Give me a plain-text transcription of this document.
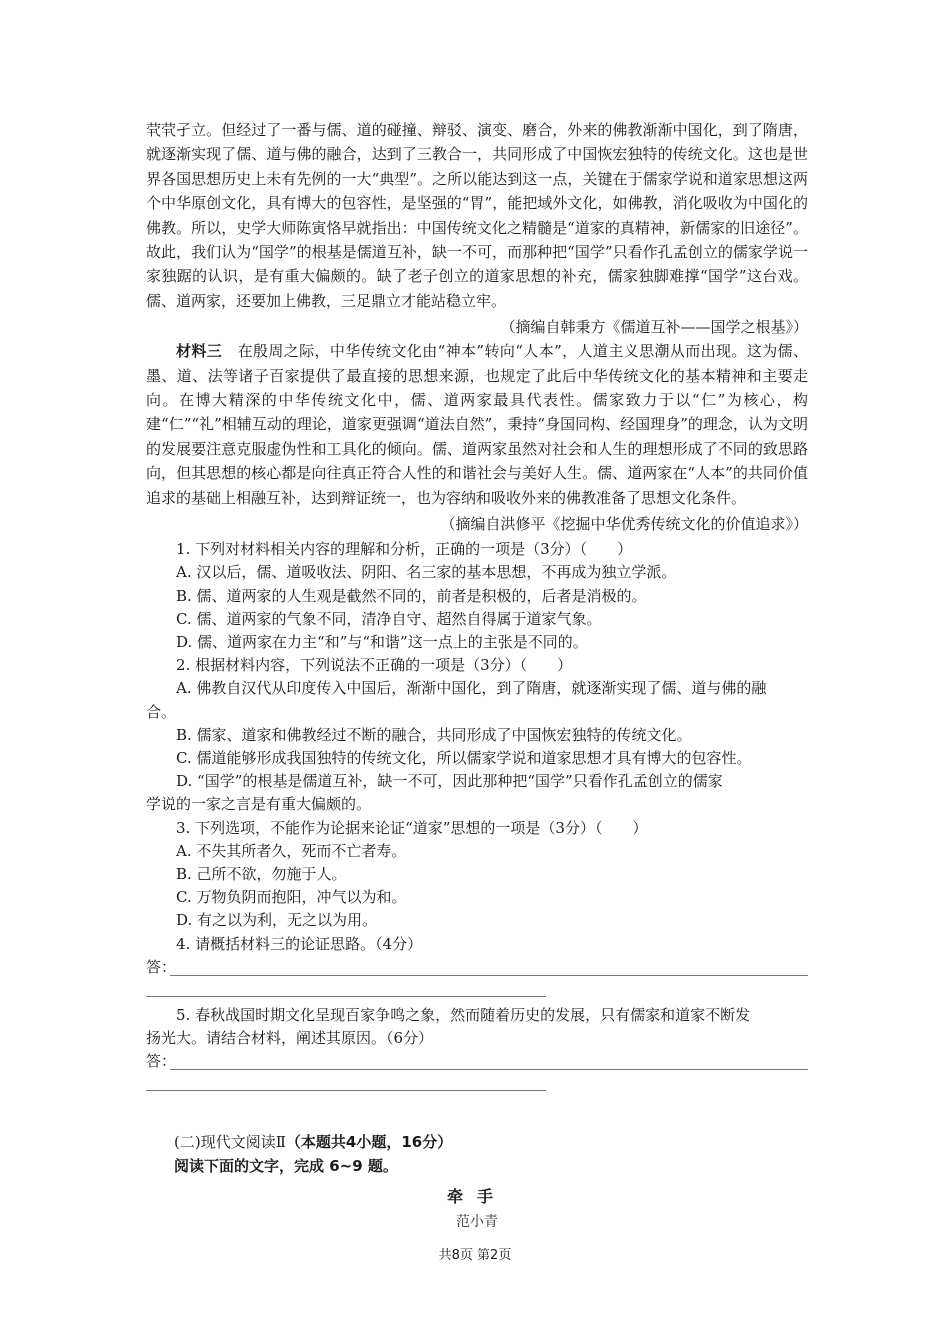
茕茕孑立。但经过了一番与儒、道的碰撞、辩驳、演变、磨合，外来的佛教渐渐中国化，到了隋唐，就逐渐实现了儒、道与佛的融合，达到了三教合一，共同形成了中国恢宏独特的传统文化。这也是世界各国思想历史上未有先例的一大“典型”。之所以能达到这一点，关键在于儒家学说和道家思想这两个中华原创文化，具有博大的包容性，是坚强的“胃”，能把域外文化，如佛教，消化吸收为中国化的佛教。所以，史学大师陈寅恪早就指出：中国传统文化之精髓是“道家的真精神，新儒家的旧途径”。故此，我们认为“国学”的根基是儒道互补，缺一不可，而那种把“国学”只看作孔孟创立的儒家学说一家独踞的认识，是有重大偏颇的。缺了老子创立的道家思想的补充，儒家独脚难撑“国学”这台戏。儒、道两家，还要加上佛教，三足鼎立才能站稳立牢。

（摘编自韩秉方《儒道互补——国学之根基》）

材料三　 在殷周之际，中华传统文化由“神本”转向“人本”，人道主义思潮从而出现。这为儒、墨、道、法等诸子百家提供了最直接的思想来源，也规定了此后中华传统文化的基本精神和主要走向。在博大精深的中华传统文化中，儒、道两家最具代表性。儒家致力于以“仁”为核心，构建“仁”“礼”相辅互动的理论，道家更强调“道法自然”，秉持“身国同构、经国理身”的理念，认为文明的发展要注意克服虚伪性和工具化的倾向。儒、道两家虽然对社会和人生的理想形成了不同的致思路向，但其思想的核心都是向往真正符合人性的和谐社会与美好人生。儒、道两家在“人本”的共同价值追求的基础上相融互补，达到辩证统一，也为容纳和吸收外来的佛教准备了思想文化条件。

（摘编自洪修平《挖掘中华优秀传统文化的价值追求》）

1. 下列对材料相关内容的理解和分析，正确的一项是（3分）（　　）

A. 汉以后，儒、道吸收法、阴阳、名三家的基本思想，不再成为独立学派。

B. 儒、道两家的人生观是截然不同的，前者是积极的，后者是消极的。

C. 儒、道两家的气象不同，清净自守、超然自得属于道家气象。

D. 儒、道两家在力主“和”与“和谐”这一点上的主张是不同的。

2. 根据材料内容，下列说法不正确的一项是（3分）（　　）

A. 佛教自汉代从印度传入中国后，渐渐中国化，到了隋唐，就逐渐实现了儒、道与佛的融

合。

B. 儒家、道家和佛教经过不断的融合，共同形成了中国恢宏独特的传统文化。

C. 儒道能够形成我国独特的传统文化，所以儒家学说和道家思想才具有博大的包容性。

D. “国学”的根基是儒道互补，缺一不可，因此那种把“国学”只看作孔孟创立的儒家

学说的一家之言是有重大偏颇的。

3. 下列选项，不能作为论据来论证“道家”思想的一项是（3分）（　　）

A. 不失其所者久，死而不亡者寿。

B. 己所不欲，勿施于人。

C. 万物负阴而抱阳，冲气以为和。

D. 有之以为利，无之以为用。

4. 请概括材料三的论证思路。（4分）

答：

5. 春秋战国时期文化呈现百家争鸣之象，然而随着历史的发展，只有儒家和道家不断发

扬光大。请结合材料，阐述其原因。（6分）

答：

(二)现代文阅读Ⅱ（本题共4小题，16分）

阅读下面的文字，完成 6~9 题。

牵手

范小青

共8页 第2页
